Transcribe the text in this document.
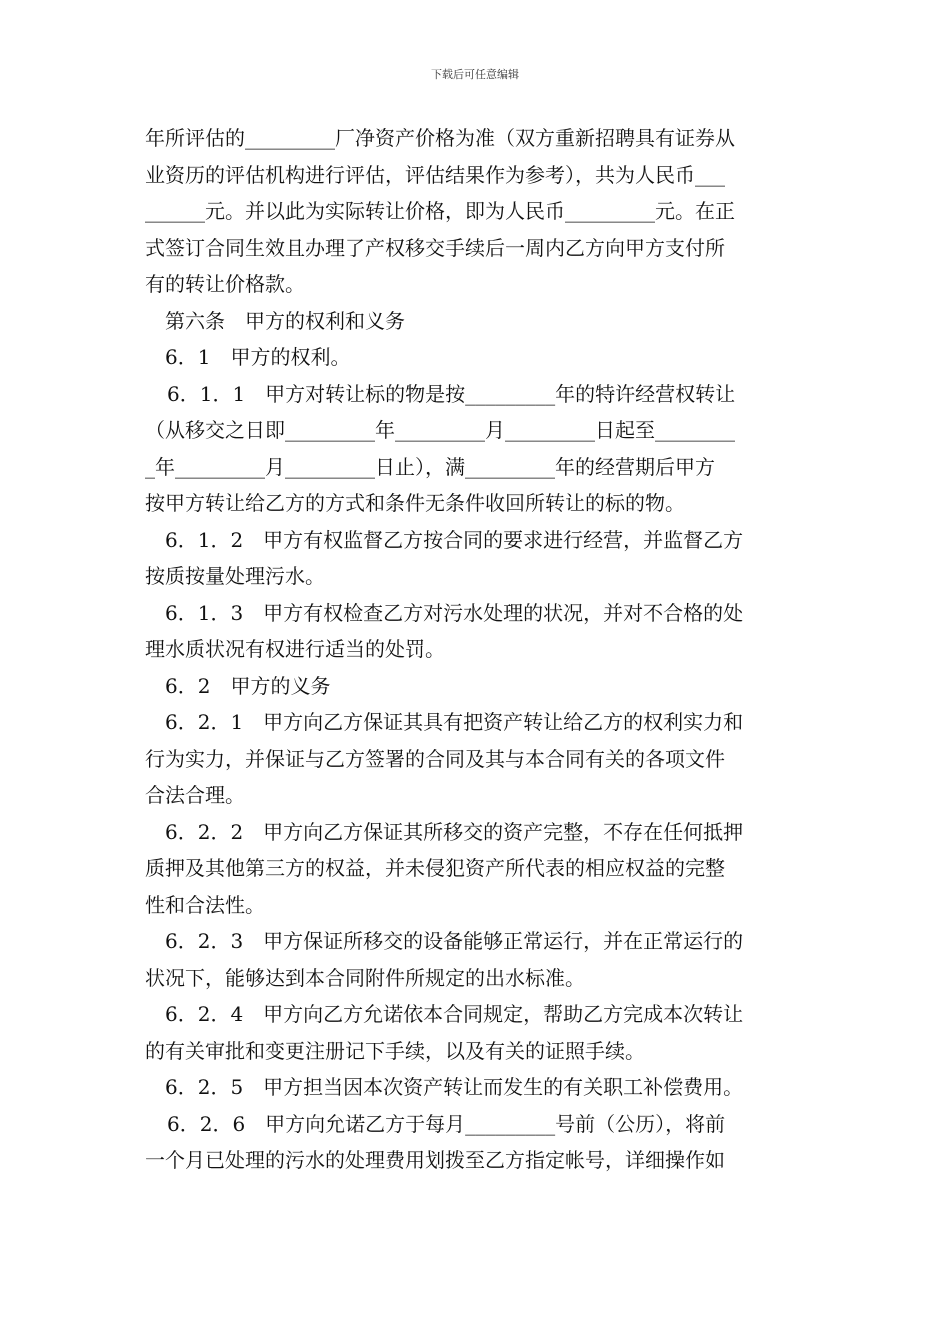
下载后可任意编辑
年所评估的_________厂净资产价格为准（双方重新招聘具有证券从
业资历的评估机构进行评估，评估结果作为参考），共为人民币___
______元。并以此为实际转让价格，即为人民币_________元。在正
式签订合同生效且办理了产权移交手续后一周内乙方向甲方支付所
有的转让价格款。
第六条　甲方的权利和义务
6．1　甲方的权利。
6．1．1　甲方对转让标的物是按_________年的特许经营权转让
（从移交之日即_________年_________月_________日起至________
_年_________月_________日止），满_________年的经营期后甲方
按甲方转让给乙方的方式和条件无条件收回所转让的标的物。
6．1．2　甲方有权监督乙方按合同的要求进行经营，并监督乙方
按质按量处理污水。
6．1．3　甲方有权检查乙方对污水处理的状况，并对不合格的处
理水质状况有权进行适当的处罚。
6．2　甲方的义务
6．2．1　甲方向乙方保证其具有把资产转让给乙方的权利实力和
行为实力，并保证与乙方签署的合同及其与本合同有关的各项文件
合法合理。
6．2．2　甲方向乙方保证其所移交的资产完整，不存在任何抵押
质押及其他第三方的权益，并未侵犯资产所代表的相应权益的完整
性和合法性。
6．2．3　甲方保证所移交的设备能够正常运行，并在正常运行的
状况下，能够达到本合同附件所规定的出水标准。
6．2．4　甲方向乙方允诺依本合同规定，帮助乙方完成本次转让
的有关审批和变更注册记下手续，以及有关的证照手续。
6．2．5　甲方担当因本次资产转让而发生的有关职工补偿费用。
6．2．6　甲方向允诺乙方于每月_________号前（公历），将前
一个月已处理的污水的处理费用划拨至乙方指定帐号，详细操作如
